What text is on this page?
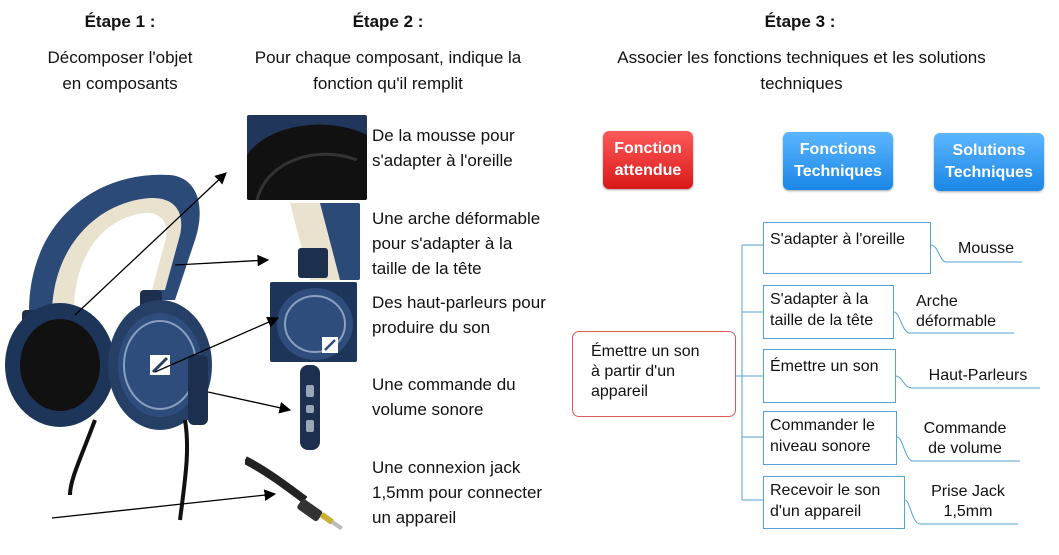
Étape 1 :
Décomposer l'objet
en composants
Étape 2 :
Pour chaque composant, indique la
fonction qu'il remplit
Étape 3 :
Associer les fonctions techniques et les solutions
techniques
De la mousse pour
s'adapter à l'oreille
Une arche déformable
pour s'adapter à la
taille de la tête
Des haut-parleurs pour
produire du son
Une commande du
volume sonore
Une connexion jack
1,5mm pour connecter
un appareil
Fonction
attendue
Fonctions
Techniques
Solutions
Techniques
Émettre un son
à partir d'un
appareil
S'adapter à l'oreille
S'adapter à la
taille de la tête
Émettre un son
Commander le
niveau sonore
Recevoir le son
d'un appareil
Mousse
Arche
déformable
Haut-Parleurs
Commande
de volume
Prise Jack
1,5mm
